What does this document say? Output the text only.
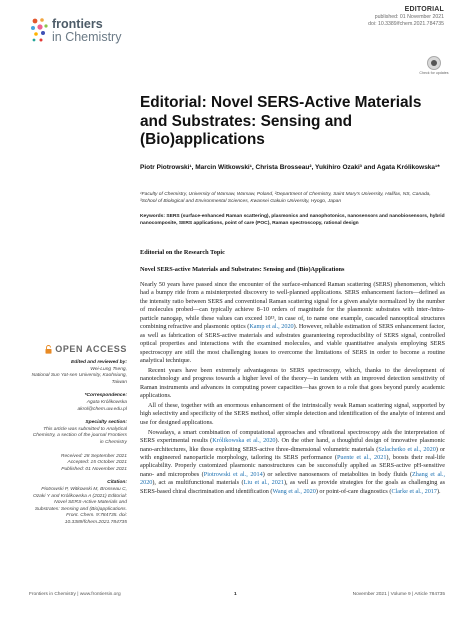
frontiers
in Chemistry
EDITORIAL
published: 01 November 2021
doi: 10.3389/fchem.2021.784735
Check for updates
Editorial: Novel SERS-Active Materials and Substrates: Sensing and (Bio)applications
Piotr Piotrowski¹, Marcin Witkowski¹, Christa Brosseau², Yukihiro Ozaki³ and Agata Królikowska¹*
¹Faculty of Chemistry, University of Warsaw, Warsaw, Poland, ²Department of Chemistry, Saint Mary's University, Halifax, NS, Canada, ³School of Biological and Environmental Sciences, Kwansei Gakuin University, Hyogo, Japan
Keywords: SERS (surface-enhanced Raman scattering), plasmonics and nanophotonics, nanosensors and nanobiosensors, hybrid nanocomposite, SERS applications, point of care (POC), Raman spectroscopy, rational design
Editorial on the Research Topic
Novel SERS-active Materials and Substrates: Sensing and (Bio)Applications

Nearly 50 years have passed since the encounter of the surface-enhanced Raman scattering (SERS) phenomenon, which had a bumpy ride from a misinterpreted discovery to well-planned applications. SERS enhancement factors—defined as the intensity ratio between SERS and conventional Raman scattering signal for a given analyte normalized by the number of molecules probed—can typically achieve 8–10 orders of magnitude for the plasmonic substrates with inter-/intra-particle nanogap, while these values can exceed 10¹³, in case of, to name one example, cascaded nanooptical structures combining refractive and plasmonic optics (Kamp et al., 2020). However, reliable estimation of SERS enhancement factor, as well as fabrication of SERS-active materials and substrates guaranteeing reproducibility of SERS signal, controlled optical properties and interactions with the examined molecules, and viable quantitative analysis employing SERS spectroscopy are still the most challenging issues to overcome the limitations of SERS in order to become a routine analytical technique.

Recent years have been extremely advantageous to SERS spectroscopy, which, thanks to the development of nanotechnology and progress towards a higher level of the theory—in tandem with an improved detection sensitivity of Raman instruments and advances in computing power capacities—has grown to a role that goes beyond purely academic applications.

All of these, together with an enormous enhancement of the intrinsically weak Raman scattering signal, supported by high selectivity and specificity of the SERS method, offer simple detection and identification of the analyte of interest and use for designed applications.

Nowadays, a smart combination of computational approaches and vibrational spectroscopy aids the interpretation of SERS experimental results (Królikowska et al., 2020). On the other hand, a thoughtful design of innovative plasmonic nano-architectures, like those exploiting SERS-active three-dimensional volumetric materials (Szlachetko et al., 2020) or with engineered nanoparticle morphology, tailoring its SERS performance (Puente et al., 2021), boosts their real-life applicability. Properly customized plasmonic nanostructures can be successfully applied as SERS-active pH-sensitive nano- and microprobes (Piotrowski et al., 2014) or selective nanosensors of metabolites in body fluids (Zhang et al., 2020), act as multifunctional materials (Liu et al., 2021), as well as provide strategies for the goals as challenging as SERS-based chiral discrimination and identification (Wang et al., 2020) or point-of-care diagnostics (Clarke et al., 2017).

OPEN ACCESS
Edited and reviewed by:
Wei-Lung Tseng,
National Sun Yat-sen University, Kaohsiung, Taiwan
*Correspondence:
Agata Królikowska
akrol@chem.uw.edu.pl
Specialty section:
This article was submitted to Analytical Chemistry, a section of the journal Frontiers in Chemistry
Received: 28 September 2021
Accepted: 15 October 2021
Published: 01 November 2021
Citation:
Piotrowski P, Witkowski M, Brosseau C, Ozaki Y and Królikowska A (2021) Editorial: Novel SERS-Active Materials and Substrates: Sensing and (Bio)applications. Front. Chem. 9:784735. doi: 10.3389/fchem.2021.784735
Frontiers in Chemistry | www.frontiersin.org	1	November 2021 | Volume 9 | Article 784735
